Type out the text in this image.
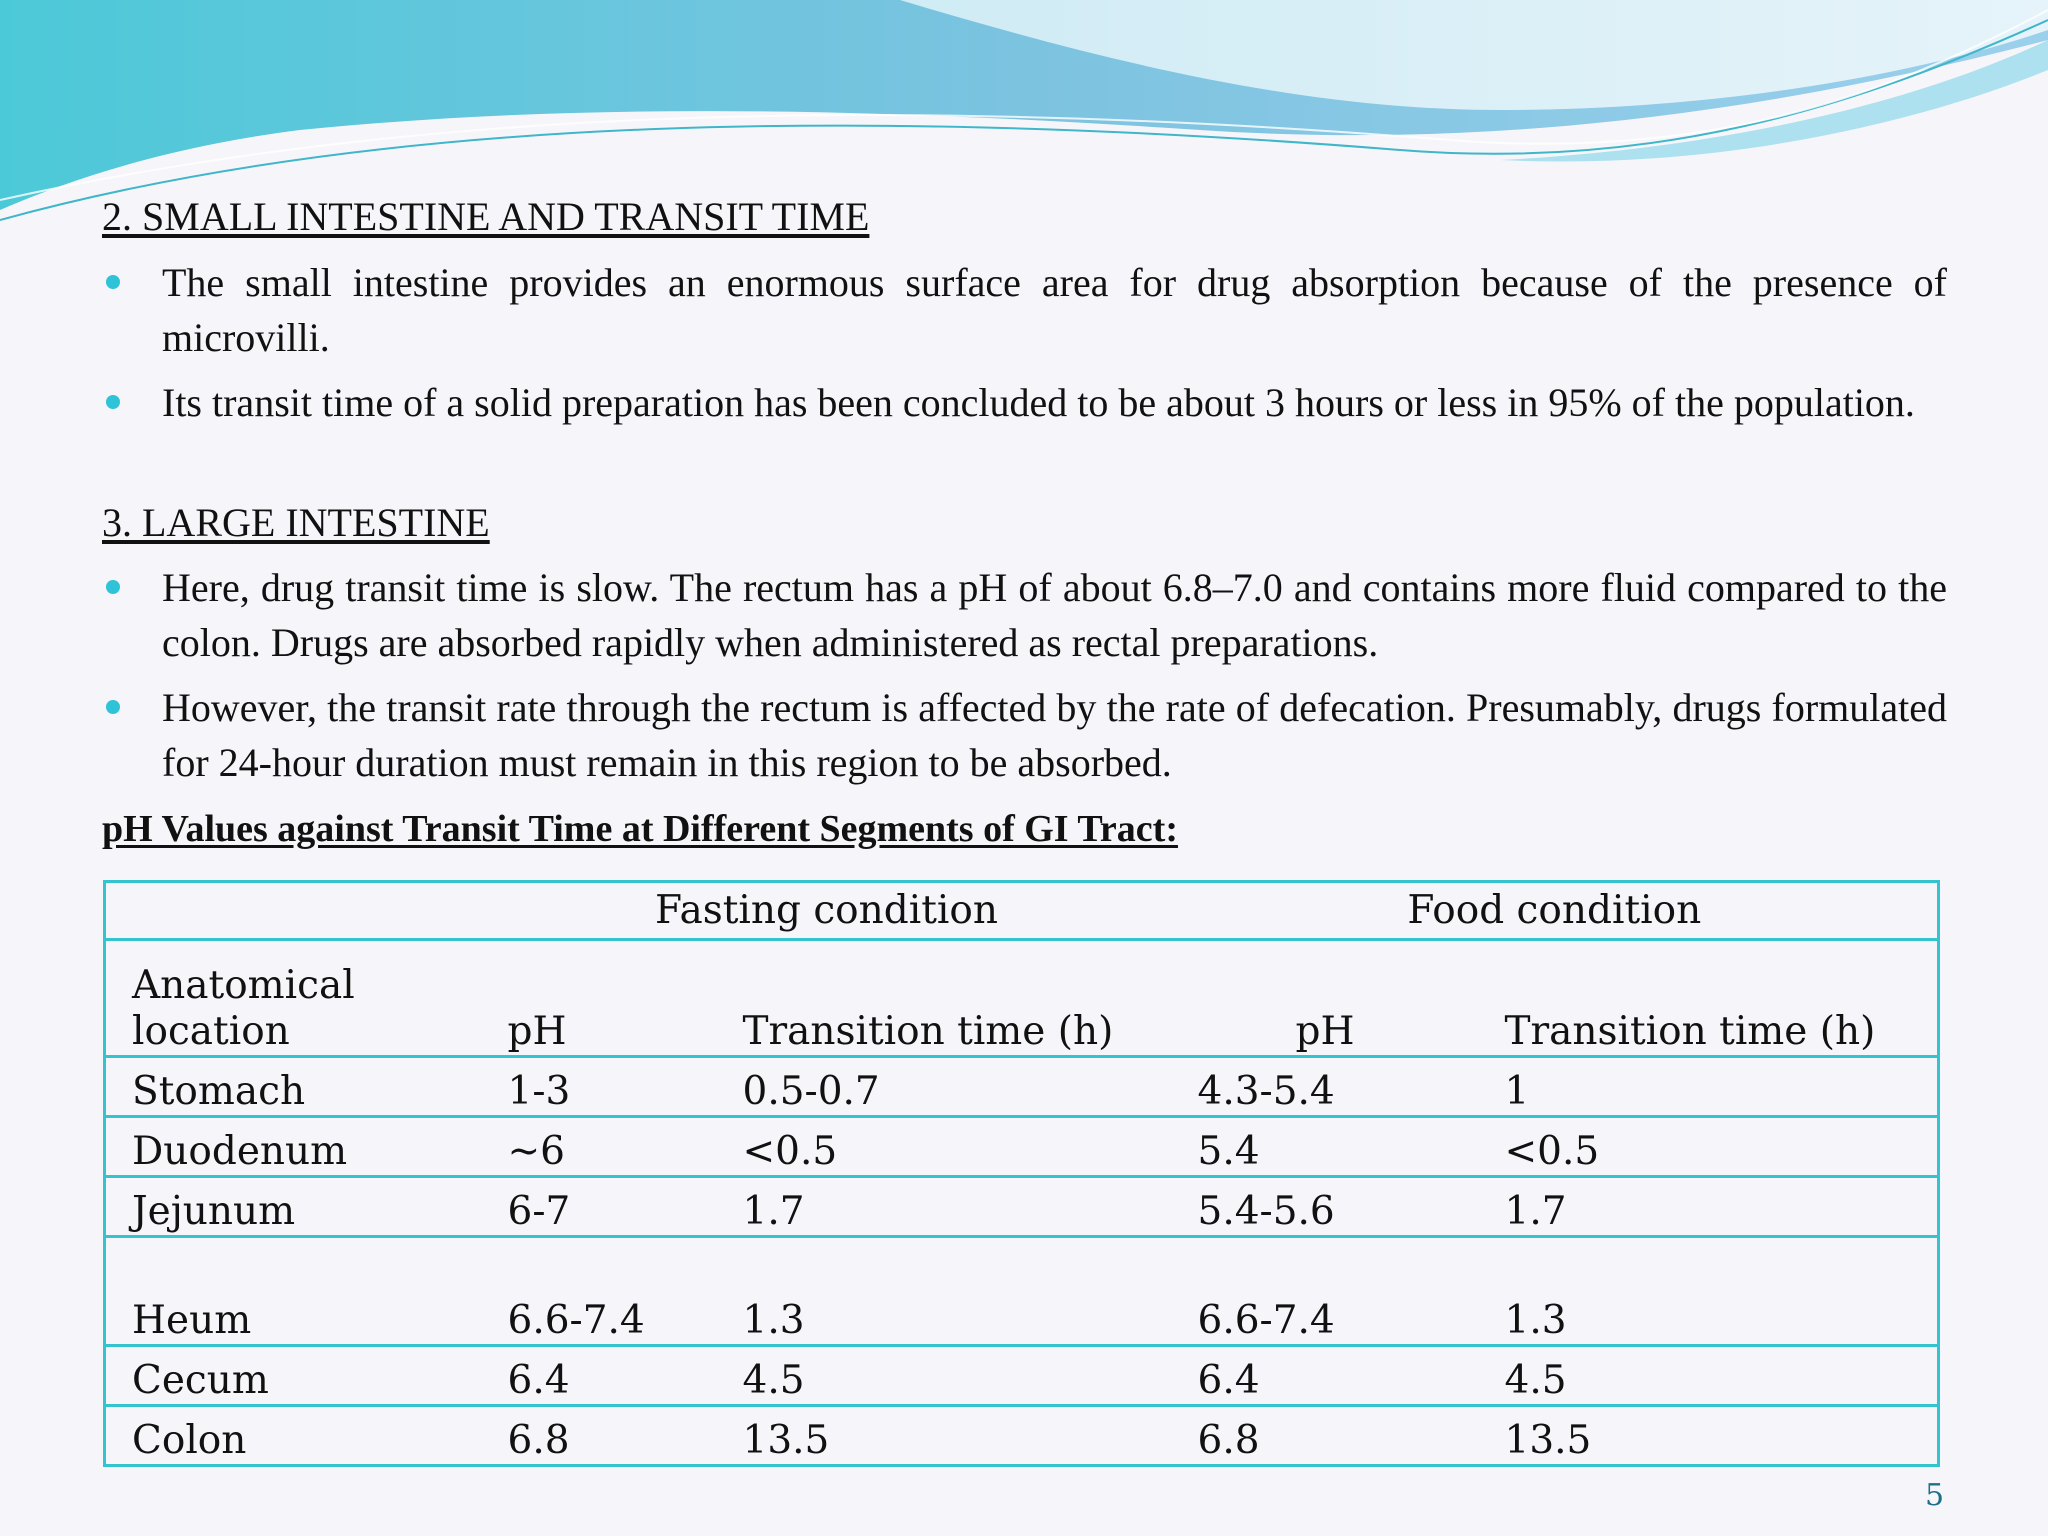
2. SMALL INTESTINE AND TRANSIT TIME
The small intestine provides an enormous surface area for drug absorption because of the presence of microvilli.
Its transit time of a solid preparation has been concluded to be about 3 hours or less in 95% of the population.
3. LARGE INTESTINE
Here, drug transit time is slow. The rectum has a pH of about 6.8–7.0 and contains more fluid compared to the colon. Drugs are absorbed rapidly when administered as rectal preparations.
However, the transit rate through the rectum is affected by the rate of defecation. Presumably, drugs formulated for 24-hour duration must remain in this region to be absorbed.
pH Values against Transit Time at Different Segments of GI Tract:
	Fasting condition		Food condition	
Anatomical location	pH	Transition time (h)	pH	Transition time (h)
Stomach	1-3	0.5-0.7	4.3-5.4	1
Duodenum	~6	<0.5	5.4	<0.5
Jejunum	6-7	1.7	5.4-5.6	1.7
Heum	6.6-7.4	1.3	6.6-7.4	1.3
Cecum	6.4	4.5	6.4	4.5
Colon	6.8	13.5	6.8	13.5
5
